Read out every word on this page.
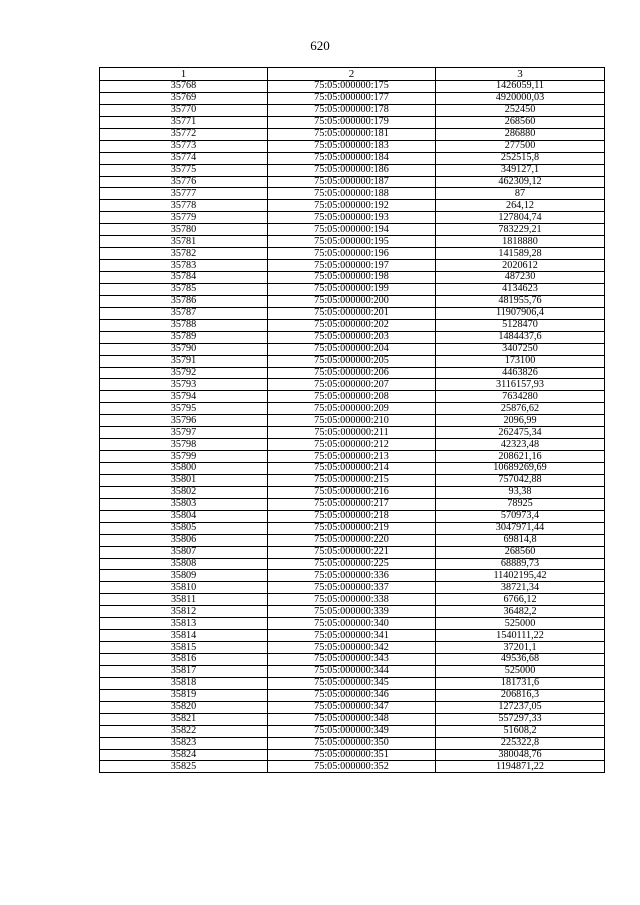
620
1	2	3
35768	75:05:000000:175	1426059,11
35769	75:05:000000:177	4920000,03
35770	75:05:000000:178	252450
35771	75:05:000000:179	268560
35772	75:05:000000:181	286880
35773	75:05:000000:183	277500
35774	75:05:000000:184	252515,8
35775	75:05:000000:186	349127,1
35776	75:05:000000:187	462309,12
35777	75:05:000000:188	87
35778	75:05:000000:192	264,12
35779	75:05:000000:193	127804,74
35780	75:05:000000:194	783229,21
35781	75:05:000000:195	1818880
35782	75:05:000000:196	141589,28
35783	75:05:000000:197	2020612
35784	75:05:000000:198	487230
35785	75:05:000000:199	4134623
35786	75:05:000000:200	481955,76
35787	75:05:000000:201	11907906,4
35788	75:05:000000:202	5128470
35789	75:05:000000:203	1484437,6
35790	75:05:000000:204	3407250
35791	75:05:000000:205	173100
35792	75:05:000000:206	4463826
35793	75:05:000000:207	3116157,93
35794	75:05:000000:208	7634280
35795	75:05:000000:209	25876,62
35796	75:05:000000:210	2096,99
35797	75:05:000000:211	262475,34
35798	75:05:000000:212	42323,48
35799	75:05:000000:213	208621,16
35800	75:05:000000:214	10689269,69
35801	75:05:000000:215	757042,88
35802	75:05:000000:216	93,38
35803	75:05:000000:217	78925
35804	75:05:000000:218	570973,4
35805	75:05:000000:219	3047971,44
35806	75:05:000000:220	69814,8
35807	75:05:000000:221	268560
35808	75:05:000000:225	68889,73
35809	75:05:000000:336	11402195,42
35810	75:05:000000:337	38721,34
35811	75:05:000000:338	6766,12
35812	75:05:000000:339	36482,2
35813	75:05:000000:340	525000
35814	75:05:000000:341	1540111,22
35815	75:05:000000:342	37201,1
35816	75:05:000000:343	49536,68
35817	75:05:000000:344	525000
35818	75:05:000000:345	181731,6
35819	75:05:000000:346	206816,3
35820	75:05:000000:347	127237,05
35821	75:05:000000:348	557297,33
35822	75:05:000000:349	51608,2
35823	75:05:000000:350	225322,8
35824	75:05:000000:351	380048,76
35825	75:05:000000:352	1194871,22
